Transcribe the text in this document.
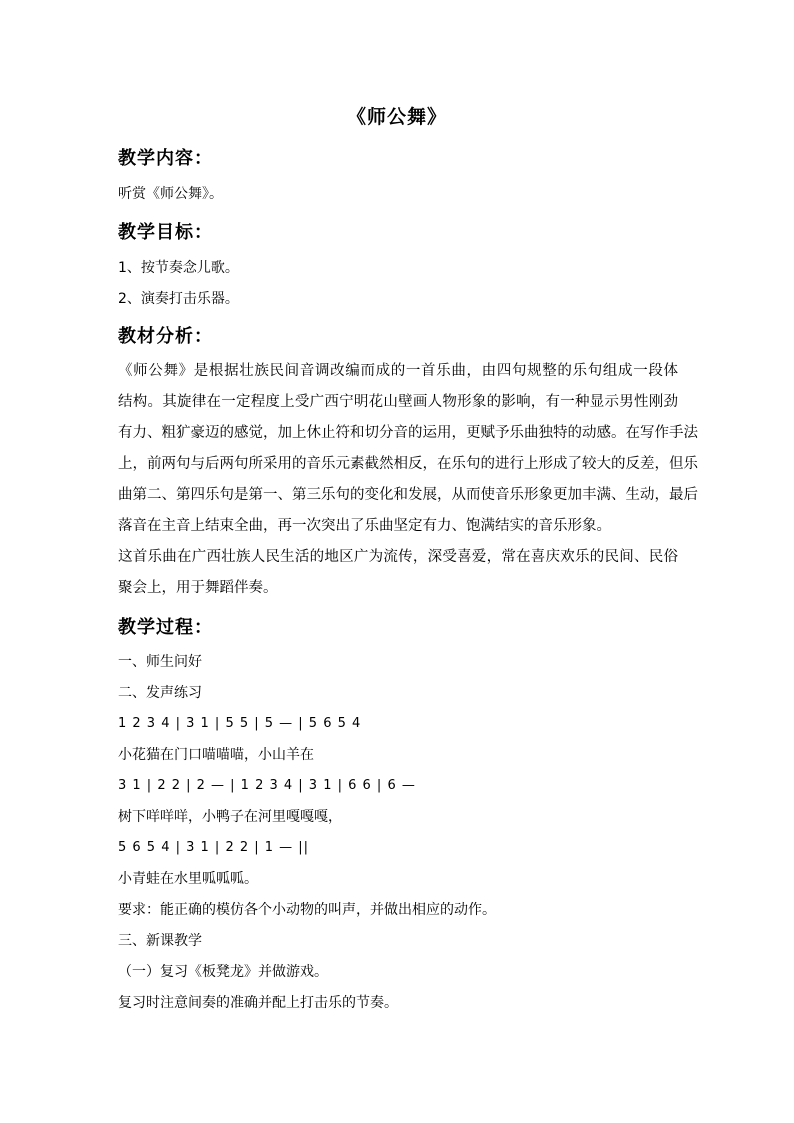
《师公舞》
教学内容：
听赏《师公舞》。
教学目标：
1、按节奏念儿歌。
2、演奏打击乐器。
教材分析：
《师公舞》是根据壮族民间音调改编而成的一首乐曲，由四句规整的乐句组成一段体
结构。其旋律在一定程度上受广西宁明花山壁画人物形象的影响，有一种显示男性刚劲
有力、粗犷豪迈的感觉，加上休止符和切分音的运用，更赋予乐曲独特的动感。在写作手法
上，前两句与后两句所采用的音乐元素截然相反，在乐句的进行上形成了较大的反差，但乐
曲第二、第四乐句是第一、第三乐句的变化和发展，从而使音乐形象更加丰满、生动，最后
落音在主音上结束全曲，再一次突出了乐曲坚定有力、饱满结实的音乐形象。
这首乐曲在广西壮族人民生活的地区广为流传，深受喜爱，常在喜庆欢乐的民间、民俗
聚会上，用于舞蹈伴奏。
教学过程：
一、师生问好
二、发声练习
1 2 3 4 | 3 1 | 5 5 | 5 — | 5 6 5 4
小花猫在门口喵喵喵，小山羊在
3 1 | 2 2 | 2 — | 1 2 3 4 | 3 1 | 6 6 | 6 —
树下咩咩咩，小鸭子在河里嘎嘎嘎，
5 6 5 4 | 3 1 | 2 2 | 1 — ||
小青蛙在水里呱呱呱。
要求：能正确的模仿各个小动物的叫声，并做出相应的动作。
三、新课教学
（一）复习《板凳龙》并做游戏。
复习时注意间奏的准确并配上打击乐的节奏。
